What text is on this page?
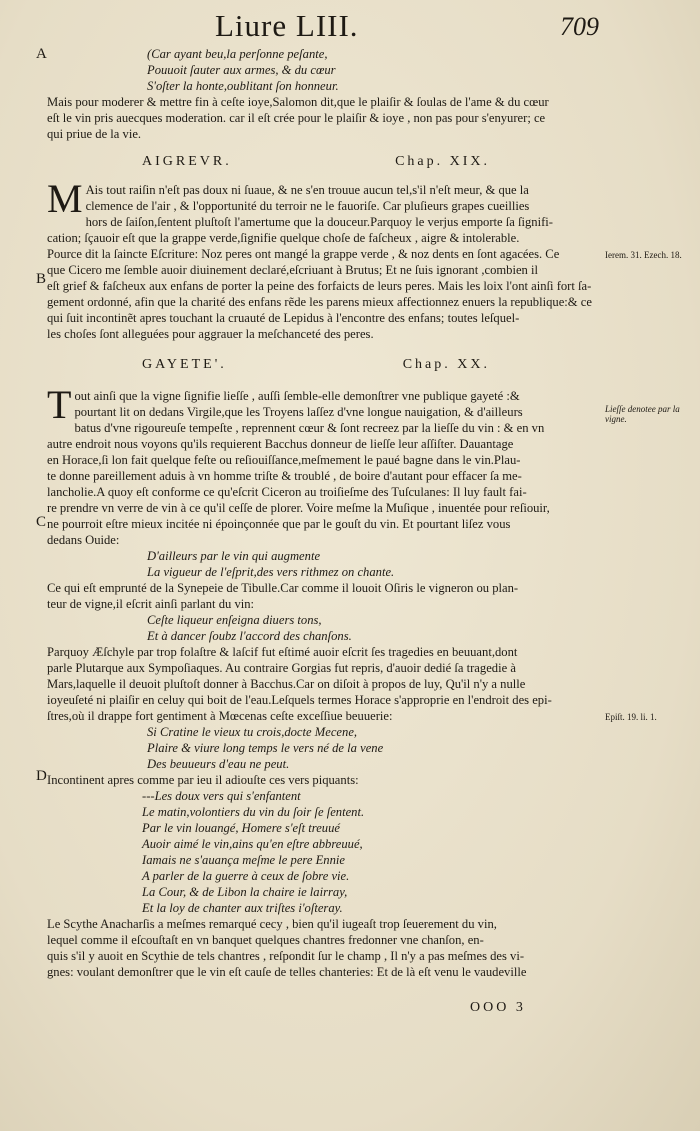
Liure LIII.	709
A
B
C
D
Ierem. 31. Ezech. 18.
Lieſſe denotee par la vigne.
Epiſt. 19. li. 1.
(Car ayant beu,la perſonne peſante,
Pouuoit ſauter aux armes, & du cœur
S'oſter la honte,oublitant ſon honneur.
Mais pour moderer & mettre fin à ceſte ioye,Salomon dit,que le plaiſir & ſoulas de l'ame & du cœur
eſt le vin pris auecques moderation. car il eſt crée pour le plaiſir & ioye , non pas pour s'enyurer; ce
qui priue de la vie.
AIGREVR.	Chap. XIX.
M Ais tout raiſin n'eſt pas doux ni ſuaue, & ne s'en trouue aucun tel,s'il n'eſt meur, & que la
clemence de l'air , & l'opportunité du terroir ne le fauoriſe. Car pluſieurs grapes cueillies
hors de ſaiſon,ſentent pluſtoſt l'amertume que la douceur.Parquoy le verjus emporte ſa ſignifi-
cation; ſçauoir eſt que la grappe verde,ſignifie quelque choſe de faſcheux , aigre & intolerable.
Pource dit la ſaincte Eſcriture: Noz peres ont mangé la grappe verde , & noz dents en ſont agacées. Ce
que Cicero me ſemble auoir diuinement declaré,eſcriuant à Brutus; Et ne ſuis ignorant ,combien il
eſt grief & faſcheux aux enfans de porter la peine des forfaicts de leurs peres. Mais les loix l'ont ainſi fort ſa-
gement ordonné, afin que la charité des enfans rẽde les parens mieux affectionnez enuers la republique:& ce
qui ſuit incontinẽt apres touchant la cruauté de Lepidus à l'encontre des enfans; toutes leſquel-
les choſes ſont alleguées pour aggrauer la meſchanceté des peres.
GAYETE'.	Chap. XX.
T out ainſi que la vigne ſignifie lieſſe , auſſi ſemble-elle demonſtrer vne publique gayeté :&
pourtant lit on dedans Virgile,que les Troyens laſſez d'vne longue nauigation, & d'ailleurs
batus d'vne rigoureuſe tempeſte , reprennent cœur & ſont recreez par la lieſſe du vin : & en vn
autre endroit nous voyons qu'ils requierent Bacchus donneur de lieſſe leur aſſiſter. Dauantage
en Horace,ſi lon fait quelque feſte ou reſiouiſſance,meſmement le paué bagne dans le vin.Plau-
te donne pareillement aduis à vn homme triſte & troublé , de boire d'autant pour effacer ſa me-
lancholie.A quoy eſt conforme ce qu'eſcrit Ciceron au troiſieſme des Tuſculanes: Il luy fault fai-
re prendre vn verre de vin à ce qu'il ceſſe de plorer. Voire meſme la Muſique , inuentée pour reſiouir,
ne pourroit eſtre mieux incitée ni époinçonnée que par le gouſt du vin. Et pourtant liſez vous
dedans Ouide:
D'ailleurs par le vin qui augmente
La vigueur de l'eſprit,des vers rithmez on chante.
Ce qui eſt emprunté de la Synepeie de Tibulle.Car comme il louoit Oſiris le vigneron ou plan-
teur de vigne,il eſcrit ainſi parlant du vin:
Ceſte liqueur enſeigna diuers tons,
Et à dancer ſoubz l'accord des chanſons.
Parquoy Æſchyle par trop folaſtre & laſcif fut eſtimé auoir eſcrit ſes tragedies en beuuant,dont
parle Plutarque aux Sympoſiaques. Au contraire Gorgias fut repris, d'auoir dedié ſa tragedie à
Mars,laquelle il deuoit pluſtoſt donner à Bacchus.Car on diſoit à propos de luy, Qu'il n'y a nulle
ioyeuſeté ni plaiſir en celuy qui boit de l'eau.Leſquels termes Horace s'approprie en l'endroit des epi-
ſtres,où il drappe fort gentiment à Mœcenas ceſte exceſſiue beuuerie:
Si Cratine le vieux tu crois,docte Mecene,
Plaire & viure long temps le vers né de la vene
Des beuueurs d'eau ne peut.
Incontinent apres comme par ieu il adiouſte ces vers piquants:
---Les doux vers qui s'enfantent
Le matin,volontiers du vin du ſoir ſe ſentent.
Par le vin louangé, Homere s'eſt treuué
Auoir aimé le vin,ains qu'en eſtre abbreuué,
Iamais ne s'auança meſme le pere Ennie
A parler de la guerre à ceux de ſobre vie.
La Cour, & de Libon la chaire ie lairray,
Et la loy de chanter aux triſtes i'oſteray.
Le Scythe Anacharſis a meſmes remarqué cecy , bien qu'il iugeaſt trop ſeuerement du vin,
lequel comme il eſcouſtaſt en vn banquet quelques chantres fredonner vne chanſon, en-
quis s'il y auoit en Scythie de tels chantres , reſpondit ſur le champ , Il n'y a pas meſmes des vi-
gnes: voulant demonſtrer que le vin eſt cauſe de telles chanteries: Et de là eſt venu le vaudeville
OOO 3
